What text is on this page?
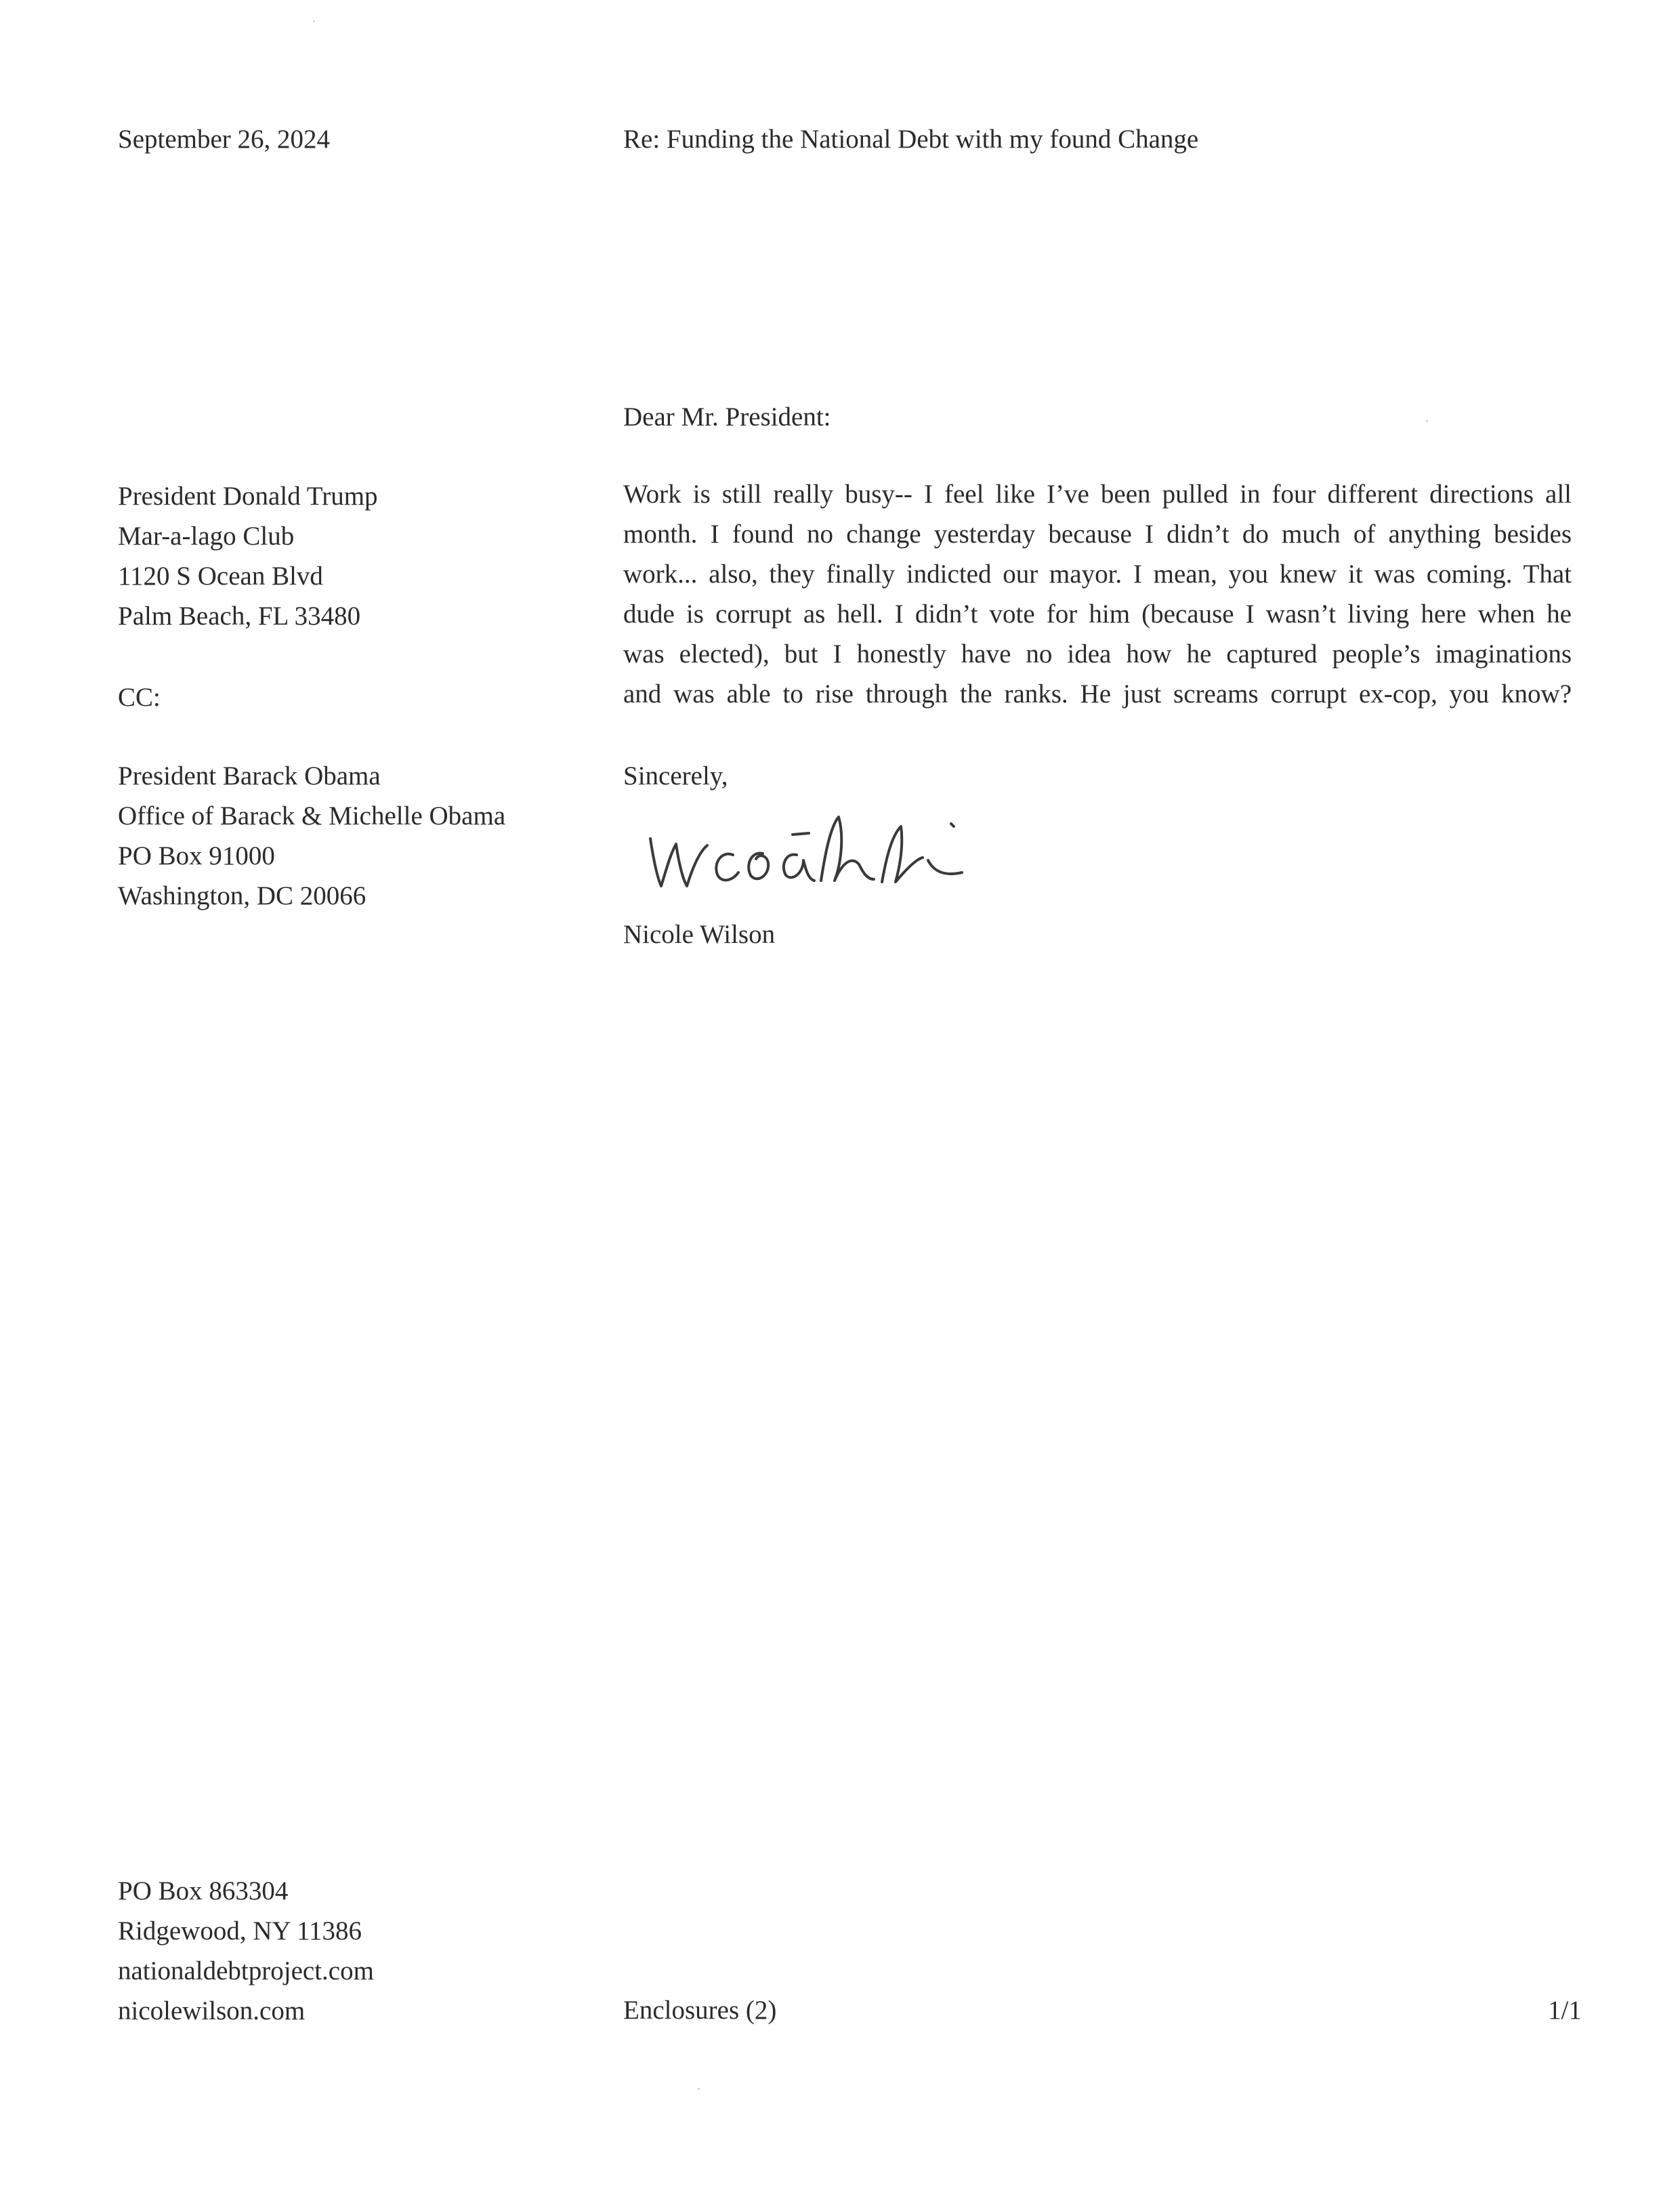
September 26, 2024	Re: Funding the National Debt with my found Change

Dear Mr. President:

President Donald Trump
Mar-a-lago Club
1120 S Ocean Blvd
Palm Beach, FL 33480

CC:

President Barack Obama
Office of Barack & Michelle Obama
PO Box 91000
Washington, DC 20066
Work is still really busy-- I feel like I’ve been pulled in four different directions all
month. I found no change yesterday because I didn’t do much of anything besides
work... also, they finally indicted our mayor. I mean, you knew it was coming. That
dude is corrupt as hell. I didn’t vote for him (because I wasn’t living here when he
was elected), but I honestly have no idea how he captured people’s imaginations
and was able to rise through the ranks. He just screams corrupt ex-cop, you know?

Sincerely,

Nicole Wilson

Nicole Wilson

PO Box 863304
Ridgewood, NY 11386
nationaldebtproject.com
nicolewilson.com	Enclosures (2)	1/1
